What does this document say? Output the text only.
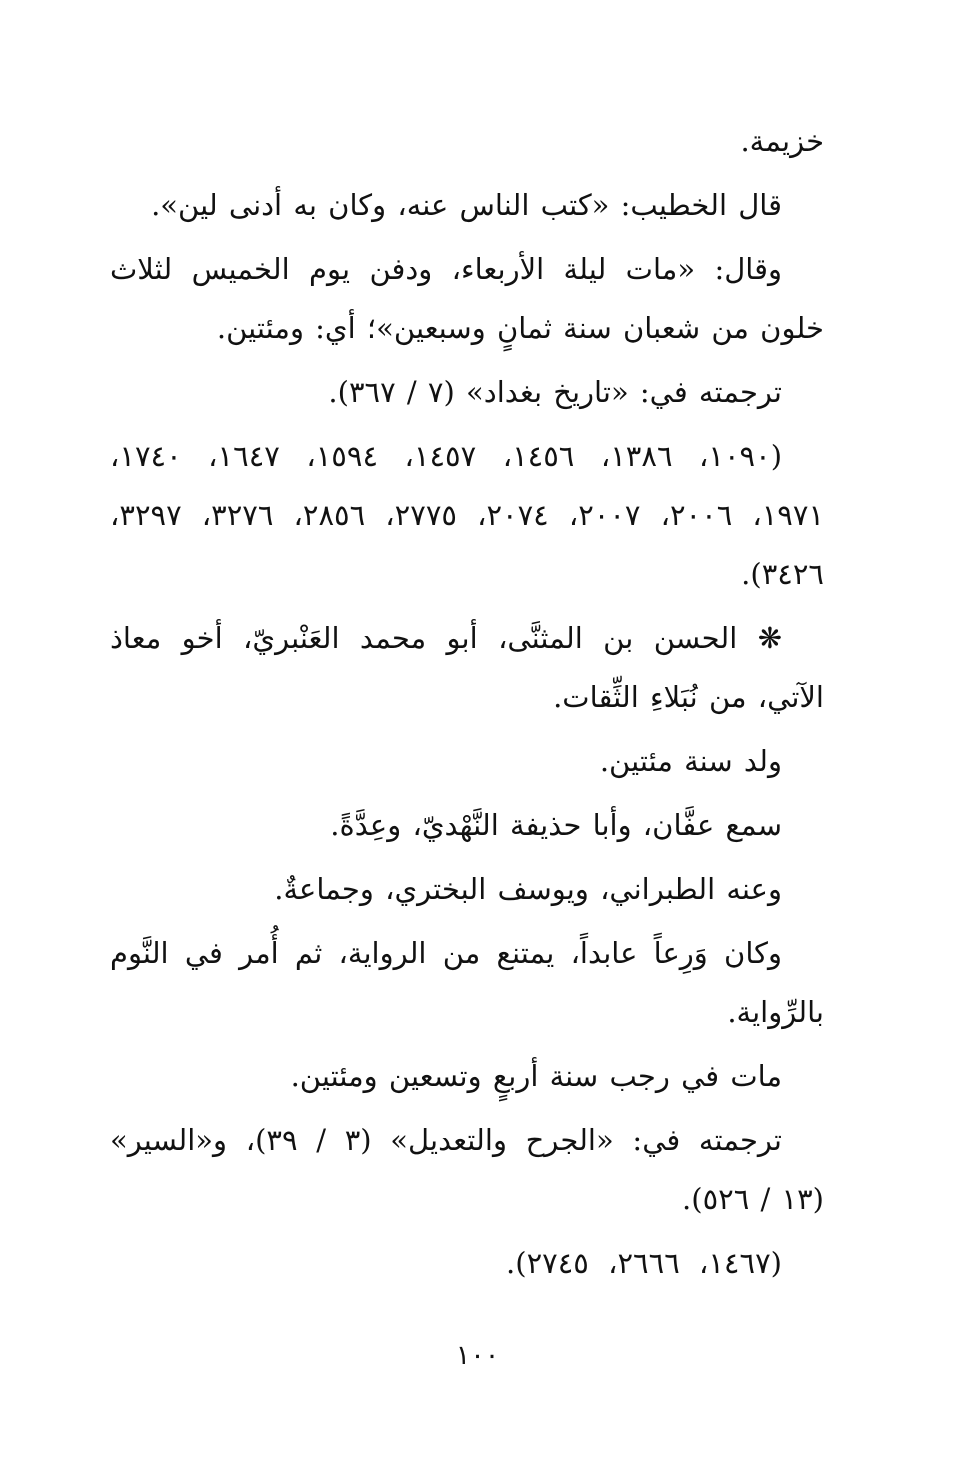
خزيمة.

قال الخطيب: «كتب الناس عنه، وكان به أدنى لين».

وقال: «مات ليلة الأربعاء، ودفن يوم الخميس لثلاث خلون من شعبان سنة ثمانٍ وسبعين»؛ أي: ومئتين.

ترجمته في: «تاريخ بغداد» (٧ / ٣٦٧).

(١٠٩٠، ١٣٨٦، ١٤٥٦، ١٤٥٧، ١٥٩٤، ١٦٤٧، ١٧٤٠، ١٩٧١، ٢٠٠٦، ٢٠٠٧، ٢٠٧٤، ٢٧٧٥، ٢٨٥٦، ٣٢٧٦، ٣٢٩٧، ٣٤٢٦).

❋ الحسن بن المثنَّى، أبو محمد العَنْبريّ، أخو معاذ الآتي، من نُبَلاءِ الثِّقات.

ولد سنة مئتين.

سمع عفَّان، وأبا حذيفة النَّهْديّ، وعِدَّةً.

وعنه الطبراني، ويوسف البختري، وجماعةٌ.

وكان وَرِعاً عابداً، يمتنع من الرواية، ثم أُمر في النَّوم بالرِّواية.

مات في رجب سنة أربعٍ وتسعين ومئتين.

ترجمته في: «الجرح والتعديل» (٣ / ٣٩)، و«السير» (١٣ / ٥٢٦).

(١٤٦٧، ٢٦٦٦، ٢٧٤٥).

١٠٠
